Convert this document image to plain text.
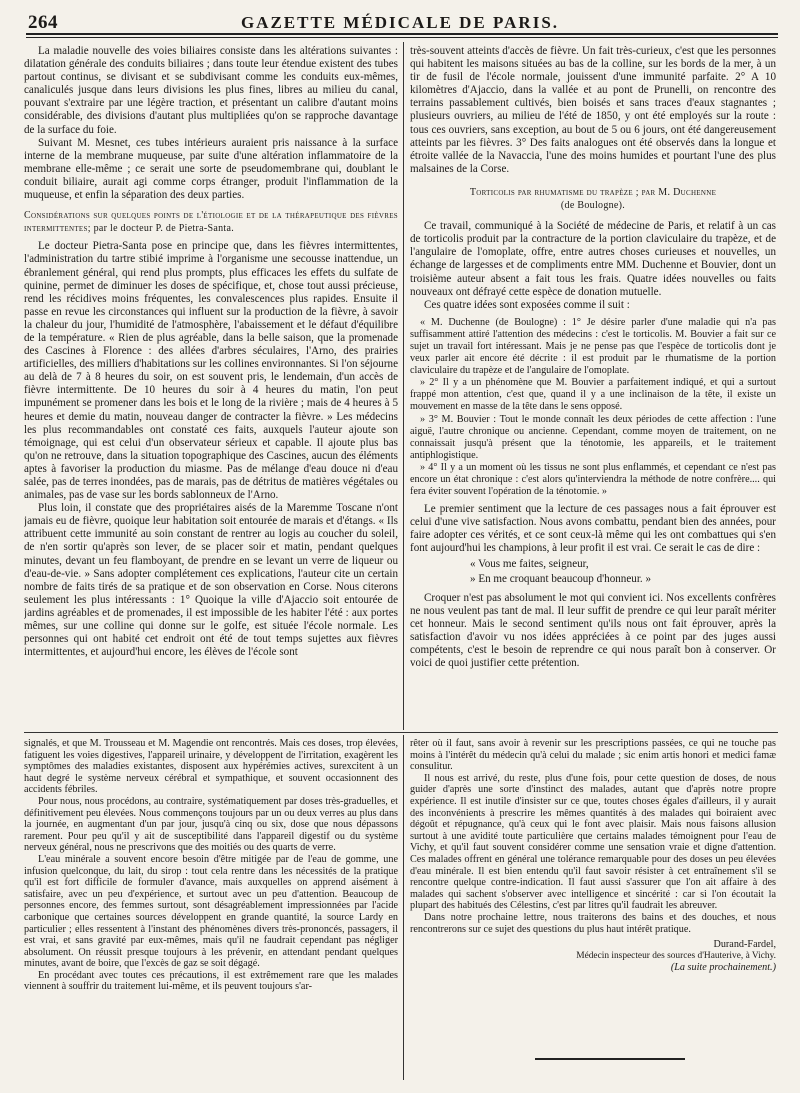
264	GAZETTE MÉDICALE DE PARIS.

La maladie nouvelle des voies biliaires consiste dans les altérations suivantes : dilatation générale des conduits biliaires ; dans toute leur étendue existent des tubes partout continus, se divisant et se subdivisant comme les conduits eux-mêmes, canaliculés jusque dans leurs divisions les plus fines, libres au milieu du canal, pouvant s'extraire par une légère traction, et présentant un calibre d'autant moins considérable, des divisions d'autant plus multipliées qu'on se rapproche davantage de la surface du foie.

Suivant M. Mesnet, ces tubes intérieurs auraient pris naissance à la surface interne de la membrane muqueuse, par suite d'une altération inflammatoire de la membrane elle-même ; ce serait une sorte de pseudomembrane qui, doublant le conduit biliaire, aurait agi comme corps étranger, produit l'inflammation de la muqueuse, et enfin la séparation des deux parties.

Considérations sur quelques points de l'étiologie et de la thérapeutique des fièvres intermittentes; par le docteur P. de Pietra-Santa.

Le docteur Pietra-Santa pose en principe que, dans les fièvres intermittentes, l'administration du tartre stibié imprime à l'organisme une secousse inattendue, un ébranlement général, qui rend plus prompts, plus efficaces les effets du sulfate de quinine, permet de diminuer les doses de spécifique, et, chose tout aussi précieuse, rend les récidives moins fréquentes, les convalescences plus rapides. Ensuite il passe en revue les circonstances qui influent sur la production de la fièvre, à savoir la chaleur du jour, l'humidité de l'atmosphère, l'abaissement et le défaut d'équilibre de la température. « Rien de plus agréable, dans la belle saison, que la promenade des Cascines à Florence : des allées d'arbres séculaires, l'Arno, des prairies artificielles, des milliers d'habitations sur les collines environnantes. Si l'on séjourne au delà de 7 à 8 heures du soir, on est souvent pris, le lendemain, d'un accès de fièvre intermittente. De 10 heures du soir à 4 heures du matin, l'on peut impunément se promener dans les bois et le long de la rivière ; mais de 4 heures à 5 heures et demie du matin, nouveau danger de contracter la fièvre. » Les médecins les plus recommandables ont constaté ces faits, auxquels l'auteur ajoute son témoignage, qui est celui d'un observateur sérieux et capable. Il ajoute plus bas qu'on ne retrouve, dans la situation topographique des Cascines, aucun des éléments aptes à favoriser la production du miasme. Pas de mélange d'eau douce ni d'eau salée, pas de terres inondées, pas de marais, pas de détritus de matières végétales ou animales, pas de vase sur les bords sablonneux de l'Arno.

Plus loin, il constate que des propriétaires aisés de la Maremme Toscane n'ont jamais eu de fièvre, quoique leur habitation soit entourée de marais et d'étangs. « Ils attribuent cette immunité au soin constant de rentrer au logis au coucher du soleil, de n'en sortir qu'après son lever, de se placer soir et matin, pendant quelques minutes, devant un feu flamboyant, de prendre en se levant un verre de liqueur ou d'eau-de-vie. » Sans adopter complétement ces explications, l'auteur cite un certain nombre de faits tirés de sa pratique et de son observation en Corse. Nous citerons seulement les plus intéressants : 1° Quoique la ville d'Ajaccio soit entourée de jardins agréables et de promenades, il est impossible de les habiter l'été : aux portes mêmes, sur une colline qui donne sur le golfe, est située l'école normale. Les personnes qui ont habité cet endroit ont été de tout temps sujettes aux fièvres intermittentes, et aujourd'hui encore, les élèves de l'école sont

très-souvent atteints d'accès de fièvre. Un fait très-curieux, c'est que les personnes qui habitent les maisons situées au bas de la colline, sur les bords de la mer, à un tir de fusil de l'école normale, jouissent d'une immunité parfaite. 2° A 10 kilomètres d'Ajaccio, dans la vallée et au pont de Prunelli, on rencontre des terrains passablement cultivés, bien boisés et sans traces d'eaux stagnantes ; plusieurs ouvriers, au milieu de l'été de 1850, y ont été employés sur la route : tous ces ouvriers, sans exception, au bout de 5 ou 6 jours, ont été dangereusement atteints par les fièvres. 3° Des faits analogues ont été observés dans la longue et étroite vallée de la Navaccia, l'une des moins humides et pourtant l'une des plus malsaines de la Corse.

Torticolis par rhumatisme du trapèze ; par M. Duchenne
(de Boulogne).

Ce travail, communiqué à la Société de médecine de Paris, et relatif à un cas de torticolis produit par la contracture de la portion claviculaire du trapèze, et de l'angulaire de l'omoplate, offre, entre autres choses curieuses et nouvelles, un échange de largesses et de compliments entre MM. Duchenne et Bouvier, dont un troisième auteur absent a fait tous les frais. Quatre idées nouvelles ou faits nouveaux ont défrayé cette espèce de donation mutuelle.

Ces quatre idées sont exposées comme il suit :

« M. Duchenne (de Boulogne) : 1° Je désire parler d'une maladie qui n'a pas suffisamment attiré l'attention des médecins : c'est le torticolis. M. Bouvier a fait sur ce sujet un travail fort intéressant. Mais je ne pense pas que l'espèce de torticolis dont je veux parler ait encore été décrite : il est produit par le rhumatisme de la portion claviculaire du trapèze et de l'angulaire de l'omoplate.

» 2° Il y a un phénomène que M. Bouvier a parfaitement indiqué, et qui a surtout frappé mon attention, c'est que, quand il y a une inclinaison de la tête, il existe un mouvement en masse de la tête dans le sens opposé.

» 3° M. Bouvier : Tout le monde connaît les deux périodes de cette affection : l'une aiguë, l'autre chronique ou ancienne. Cependant, comme moyen de traitement, on ne connaissait jusqu'à présent que la ténotomie, les appareils, et le traitement antiphlogistique.

» 4° Il y a un moment où les tissus ne sont plus enflammés, et cependant ce n'est pas encore un état chronique : c'est alors qu'interviendra la méthode de notre confrère.... qui fera éviter souvent l'opération de la ténotomie. »

Le premier sentiment que la lecture de ces passages nous a fait éprouver est celui d'une vive satisfaction. Nous avons combattu, pendant bien des années, pour faire adopter ces vérités, et ce sont ceux-là même qui les ont combattues qui s'en font aujourd'hui les champions, à leur profit il est vrai. Ce serait le cas de dire :

« Vous me faites, seigneur,

» En me croquant beaucoup d'honneur. »

Croquer n'est pas absolument le mot qui convient ici. Nos excellents confrères ne nous veulent pas tant de mal. Il leur suffit de prendre ce qui leur paraît mériter cet honneur. Mais le second sentiment qu'ils nous ont fait éprouver, après la satisfaction d'avoir vu nos idées appréciées à ce point par des juges aussi compétents, c'est le besoin de reprendre ce qui nous paraît bon à conserver. Or voici de quoi justifier cette prétention.

signalés, et que M. Trousseau et M. Magendie ont rencontrés. Mais ces doses, trop élevées, fatiguent les voies digestives, l'appareil urinaire, y développent de l'irritation, exagèrent les symptômes des maladies existantes, disposent aux hypérémies actives, surexcitent à un haut degré le système nerveux cérébral et sympathique, et souvent occasionnent des accidents fébriles.

Pour nous, nous procédons, au contraire, systématiquement par doses très-graduelles, et définitivement peu élevées. Nous commençons toujours par un ou deux verres au plus dans la journée, en augmentant d'un par jour, jusqu'à cinq ou six, dose que nous dépassons rarement. Pour peu qu'il y ait de susceptibilité dans l'appareil digestif ou du système nerveux général, nous ne prescrivons que des moitiés ou des quarts de verre.

L'eau minérale a souvent encore besoin d'être mitigée par de l'eau de gomme, une infusion quelconque, du lait, du sirop : tout cela rentre dans les nécessités de la pratique qu'il est fort difficile de formuler d'avance, mais auxquelles on apprend aisément à satisfaire, avec un peu d'expérience, et surtout avec un peu d'attention. Beaucoup de personnes encore, des femmes surtout, sont désagréablement impressionnées par l'acide carbonique que certaines sources développent en grande quantité, la source Lardy en particulier ; elles ressentent à l'instant des phénomènes divers très-prononcés, passagers, il est vrai, et sans gravité par eux-mêmes, mais qu'il ne faudrait cependant pas négliger absolument. On réussit presque toujours à les prévenir, en attendant pendant quelques minutes, avant de boire, que l'excès de gaz se soit dégagé.

En procédant avec toutes ces précautions, il est extrêmement rare que les malades viennent à souffrir du traitement lui-même, et ils peuvent toujours s'ar-

rêter où il faut, sans avoir à revenir sur les prescriptions passées, ce qui ne touche pas moins à l'intérêt du médecin qu'à celui du malade ; sic enim artis honori et medici famæ consulitur.

Il nous est arrivé, du reste, plus d'une fois, pour cette question de doses, de nous guider d'après une sorte d'instinct des malades, autant que d'après notre propre expérience. Il est inutile d'insister sur ce que, toutes choses égales d'ailleurs, il y aurait des inconvénients à prescrire les mêmes quantités à des malades qui boiraient avec dégoût et répugnance, qu'à ceux qui le font avec plaisir. Mais nous faisons allusion surtout à une avidité toute particulière que certains malades témoignent pour l'eau de Vichy, et qu'il faut souvent considérer comme une sensation vraie et digne d'attention. Ces malades offrent en général une tolérance remarquable pour des doses un peu élevées d'eau minérale. Il est bien entendu qu'il faut savoir résister à cet entraînement s'il se rencontre quelque contre-indication. Il faut aussi s'assurer que l'on ait affaire à des malades qui sachent s'observer avec intelligence et sincérité : car si l'on écoutait la plupart des habitués des Célestins, c'est par litres qu'il faudrait les abreuver.

Dans notre prochaine lettre, nous traiterons des bains et des douches, et nous rencontrerons sur ce sujet des questions du plus haut intérêt pratique.

Durand-Fardel,

Médecin inspecteur des sources d'Hauterive, à Vichy.

(La suite prochainement.)
